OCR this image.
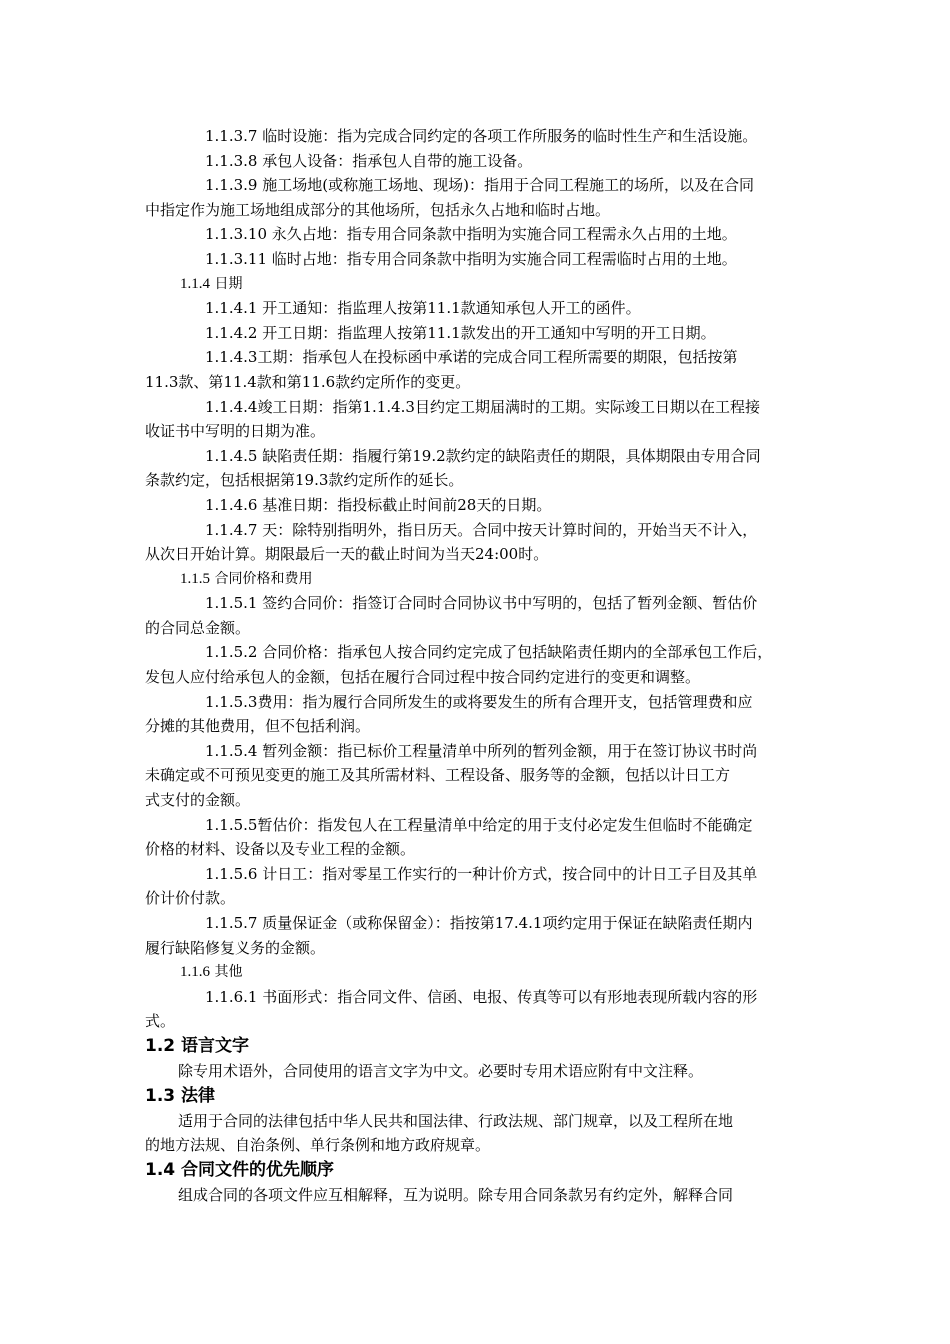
1.1.3.7 临时设施：指为完成合同约定的各项工作所服务的临时性生产和生活设施。

1.1.3.8 承包人设备：指承包人自带的施工设备。

1.1.3.9 施工场地(或称施工场地、现场)：指用于合同工程施工的场所，以及在合同
中指定作为施工场地组成部分的其他场所，包括永久占地和临时占地。

1.1.3.10 永久占地：指专用合同条款中指明为实施合同工程需永久占用的土地。

1.1.3.11 临时占地：指专用合同条款中指明为实施合同工程需临时占用的土地。

1.1.4 日期

1.1.4.1 开工通知：指监理人按第11.1款通知承包人开工的函件。

1.1.4.2 开工日期：指监理人按第11.1款发出的开工通知中写明的开工日期。

1.1.4.3工期：指承包人在投标函中承诺的完成合同工程所需要的期限，包括按第
11.3款、第11.4款和第11.6款约定所作的变更。

1.1.4.4竣工日期：指第1.1.4.3目约定工期届满时的工期。实际竣工日期以在工程接
收证书中写明的日期为准。

1.1.4.5 缺陷责任期：指履行第19.2款约定的缺陷责任的期限，具体期限由专用合同
条款约定，包括根据第19.3款约定所作的延长。

1.1.4.6 基准日期：指投标截止时间前28天的日期。

1.1.4.7 天：除特别指明外，指日历天。合同中按天计算时间的，开始当天不计入，
从次日开始计算。期限最后一天的截止时间为当天24:00时。

1.1.5 合同价格和费用

1.1.5.1 签约合同价：指签订合同时合同协议书中写明的，包括了暂列金额、暂估价
的合同总金额。

1.1.5.2 合同价格：指承包人按合同约定完成了包括缺陷责任期内的全部承包工作后，
发包人应付给承包人的金额，包括在履行合同过程中按合同约定进行的变更和调整。

1.1.5.3费用：指为履行合同所发生的或将要发生的所有合理开支，包括管理费和应
分摊的其他费用，但不包括利润。

1.1.5.4 暂列金额：指已标价工程量清单中所列的暂列金额，用于在签订协议书时尚
未确定或不可预见变更的施工及其所需材料、工程设备、服务等的金额，包括以计日工方
式支付的金额。

1.1.5.5暂估价：指发包人在工程量清单中给定的用于支付必定发生但临时不能确定
价格的材料、设备以及专业工程的金额。

1.1.5.6 计日工：指对零星工作实行的一种计价方式，按合同中的计日工子目及其单
价计价付款。

1.1.5.7 质量保证金（或称保留金）：指按第17.4.1项约定用于保证在缺陷责任期内
履行缺陷修复义务的金额。

1.1.6 其他

1.1.6.1 书面形式：指合同文件、信函、电报、传真等可以有形地表现所载内容的形
式。

1.2 语言文字

除专用术语外，合同使用的语言文字为中文。必要时专用术语应附有中文注释。

1.3 法律

适用于合同的法律包括中华人民共和国法律、行政法规、部门规章，以及工程所在地
的地方法规、自治条例、单行条例和地方政府规章。

1.4 合同文件的优先顺序

组成合同的各项文件应互相解释，互为说明。除专用合同条款另有约定外，解释合同
